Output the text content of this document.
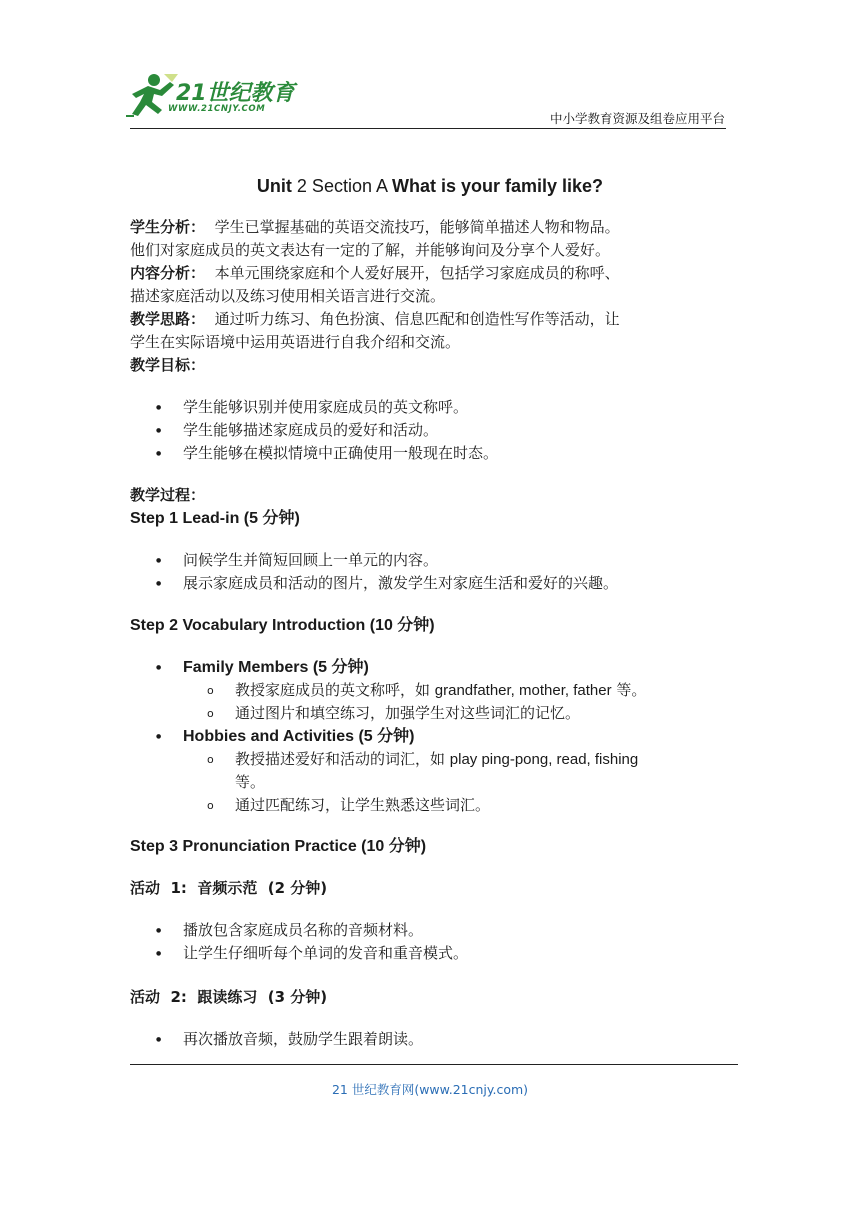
21世纪教育
WWW.21CNJY.COM
中小学教育资源及组卷应用平台
Unit 2 Section A What is your family like?
学生分析： 学生已掌握基础的英语交流技巧，能够简单描述人物和物品。
他们对家庭成员的英文表达有一定的了解，并能够询问及分享个人爱好。
内容分析： 本单元围绕家庭和个人爱好展开，包括学习家庭成员的称呼、
描述家庭活动以及练习使用相关语言进行交流。
教学思路： 通过听力练习、角色扮演、信息匹配和创造性写作等活动，让
学生在实际语境中运用英语进行自我介绍和交流。
教学目标：
●
学生能够识别并使用家庭成员的英文称呼。
●
学生能够描述家庭成员的爱好和活动。
●
学生能够在模拟情境中正确使用一般现在时态。
教学过程：
Step 1 Lead-in (5 分钟)
●
问候学生并简短回顾上一单元的内容。
●
展示家庭成员和活动的图片，激发学生对家庭生活和爱好的兴趣。
Step 2 Vocabulary Introduction (10 分钟)
●
Family Members (5 分钟)
o 教授家庭成员的英文称呼，如 grandfather, mother, father 等。
o 通过图片和填空练习，加强学生对这些词汇的记忆。
●
Hobbies and Activities (5 分钟)
o 教授描述爱好和活动的词汇，如 play ping-pong, read, fishing
等。
o 通过匹配练习，让学生熟悉这些词汇。
Step 3 Pronunciation Practice (10 分钟)
活动  1:  音频示范  (2 分钟)
●
播放包含家庭成员名称的音频材料。
●
让学生仔细听每个单词的发音和重音模式。
活动  2:  跟读练习  (3 分钟)
●
再次播放音频，鼓励学生跟着朗读。
21 世纪教育网(www.21cnjy.com)
